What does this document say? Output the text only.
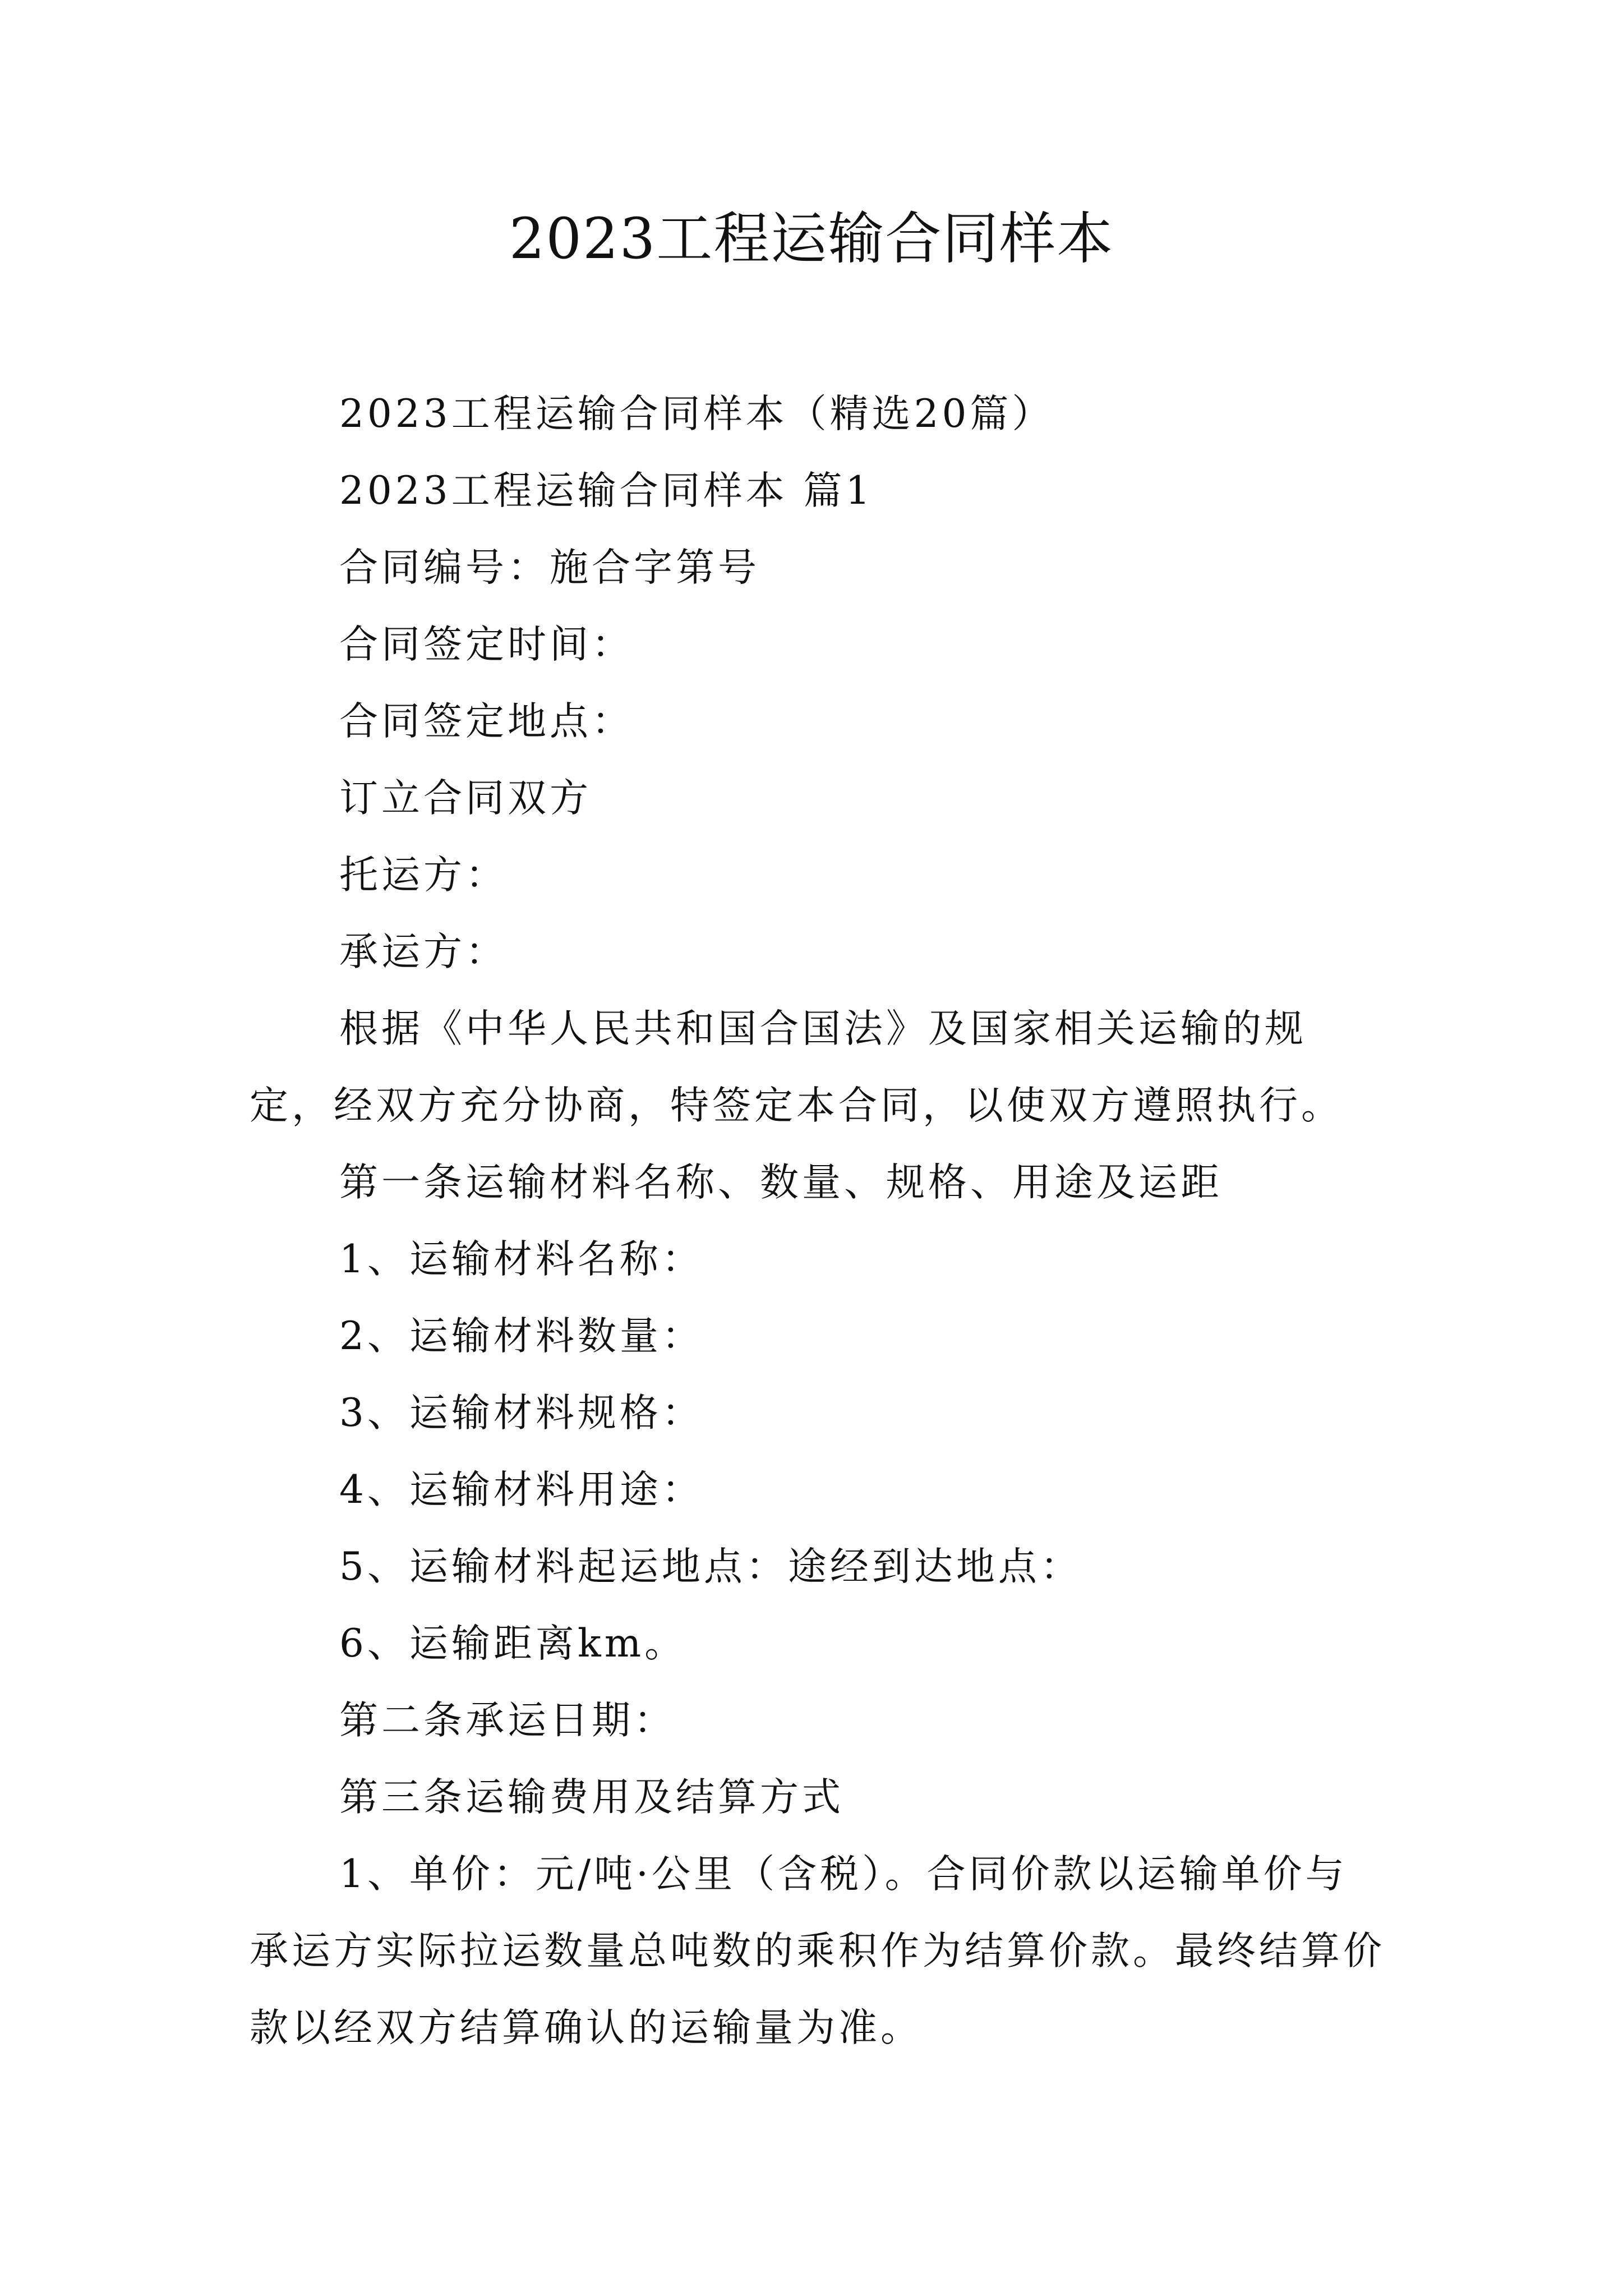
2023工程运输合同样本

2023工程运输合同样本（精选20篇）

2023工程运输合同样本 篇1

合同编号：施合字第号

合同签定时间：

合同签定地点：

订立合同双方

托运方：

承运方：

根据《中华人民共和国合国法》及国家相关运输的规定，经双方充分协商，特签定本合同，以使双方遵照执行。

第一条运输材料名称、数量、规格、用途及运距

1、运输材料名称：

2、运输材料数量：

3、运输材料规格：

4、运输材料用途：

5、运输材料起运地点：途经到达地点：

6、运输距离km。

第二条承运日期：

第三条运输费用及结算方式

1、单价：元/吨·公里（含税）。合同价款以运输单价与承运方实际拉运数量总吨数的乘积作为结算价款。最终结算价款以经双方结算确认的运输量为准。
